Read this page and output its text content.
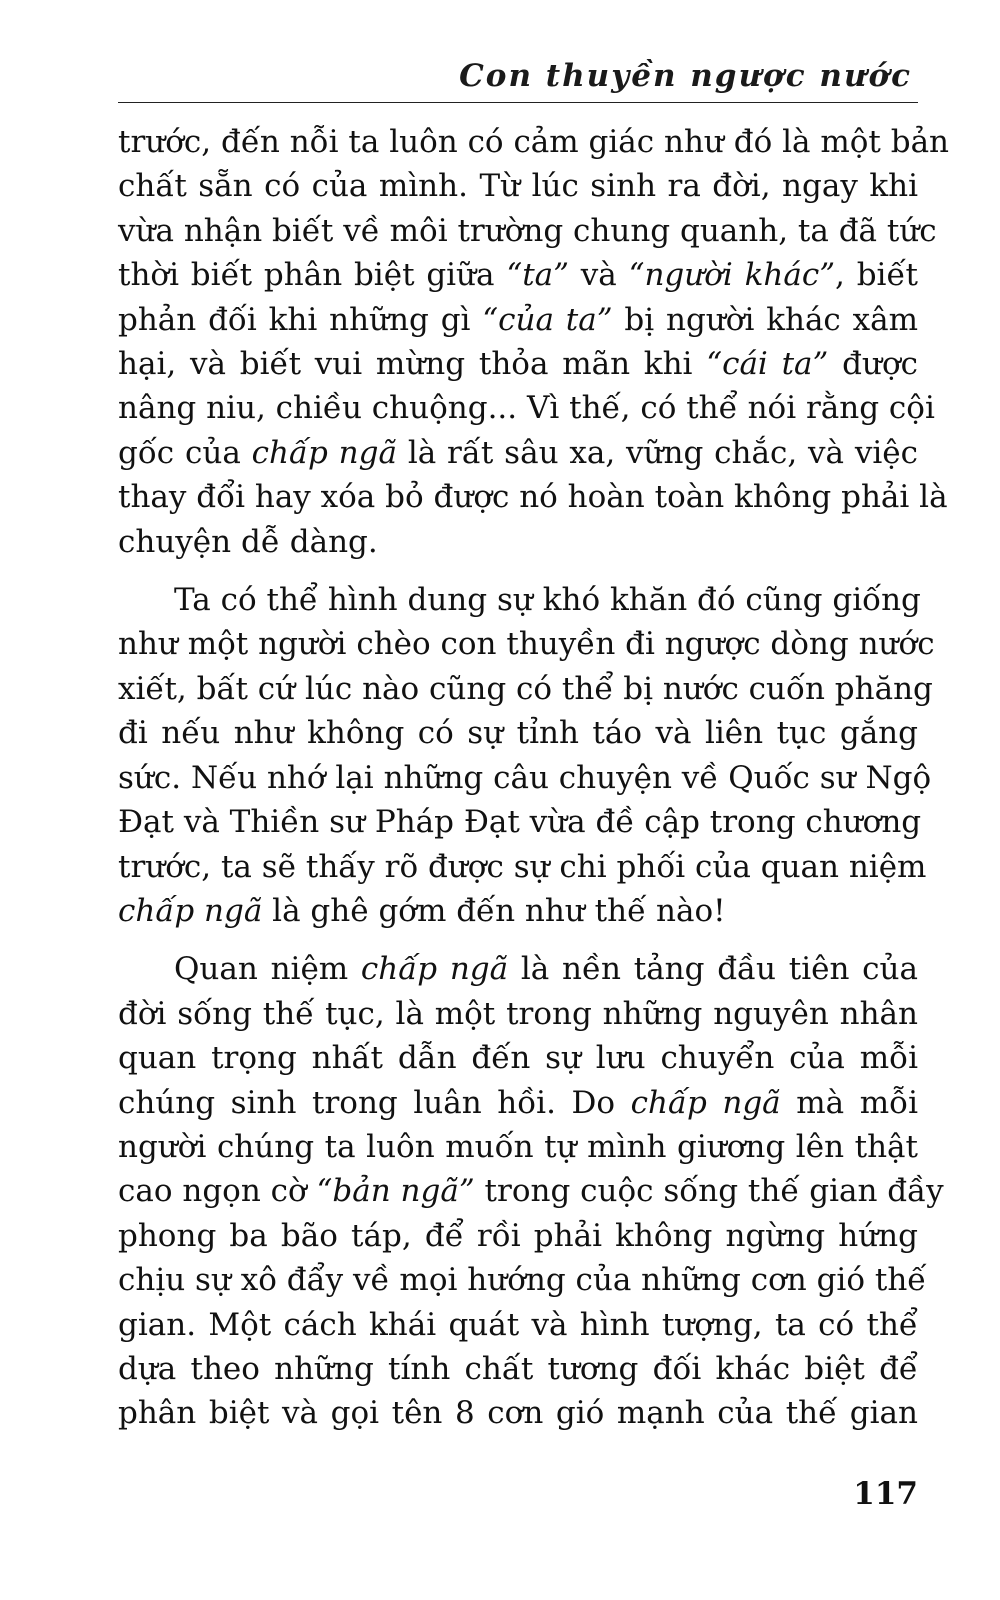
Con thuyền ngược nước
trước, đến nỗi ta luôn có cảm giác như đó là một bản
chất sẵn có của mình. Từ lúc sinh ra đời, ngay khi
vừa nhận biết về môi trường chung quanh, ta đã tức
thời biết phân biệt giữa “ta” và “người khác”, biết
phản đối khi những gì “của ta” bị người khác xâm
hại, và biết vui mừng thỏa mãn khi “cái ta” được
nâng niu, chiều chuộng... Vì thế, có thể nói rằng cội
gốc của chấp ngã là rất sâu xa, vững chắc, và việc
thay đổi hay xóa bỏ được nó hoàn toàn không phải là
chuyện dễ dàng.
Ta có thể hình dung sự khó khăn đó cũng giống
như một người chèo con thuyền đi ngược dòng nước
xiết, bất cứ lúc nào cũng có thể bị nước cuốn phăng
đi nếu như không có sự tỉnh táo và liên tục gắng
sức. Nếu nhớ lại những câu chuyện về Quốc sư Ngộ
Đạt và Thiền sư Pháp Đạt vừa đề cập trong chương
trước, ta sẽ thấy rõ được sự chi phối của quan niệm
chấp ngã là ghê gớm đến như thế nào!
Quan niệm chấp ngã là nền tảng đầu tiên của
đời sống thế tục, là một trong những nguyên nhân
quan trọng nhất dẫn đến sự lưu chuyển của mỗi
chúng sinh trong luân hồi. Do chấp ngã mà mỗi
người chúng ta luôn muốn tự mình giương lên thật
cao ngọn cờ “bản ngã” trong cuộc sống thế gian đầy
phong ba bão táp, để rồi phải không ngừng hứng
chịu sự xô đẩy về mọi hướng của những cơn gió thế
gian. Một cách khái quát và hình tượng, ta có thể
dựa theo những tính chất tương đối khác biệt để
phân biệt và gọi tên 8 cơn gió mạnh của thế gian
117
